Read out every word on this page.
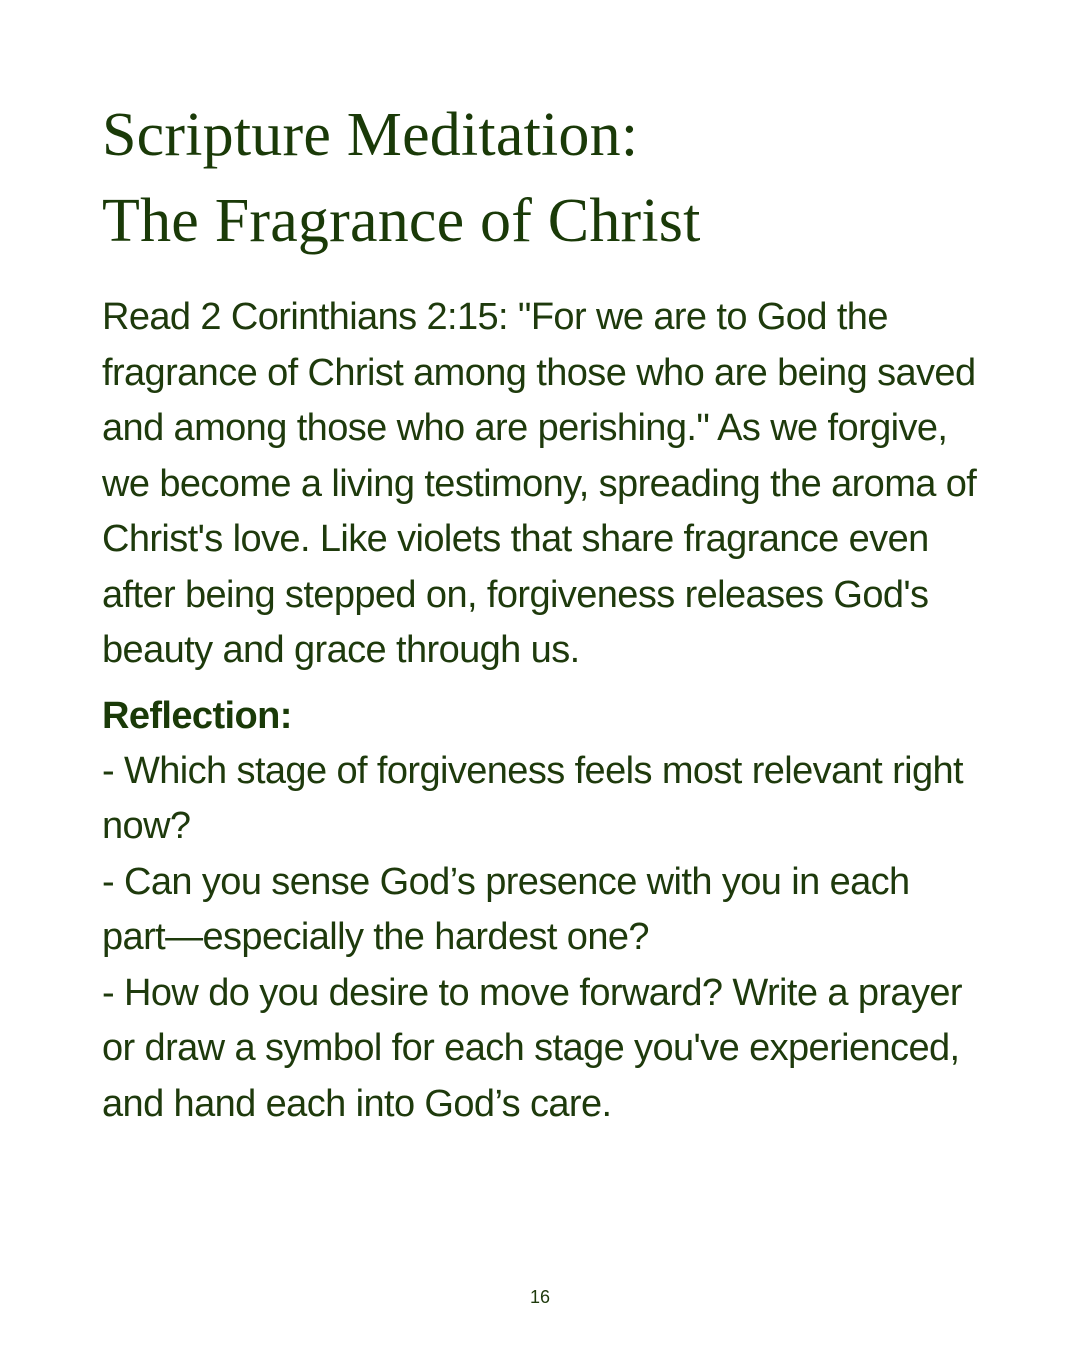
Scripture Meditation:
The Fragrance of Christ

Read 2 Corinthians 2:15: "For we are to God the fragrance of Christ among those who are being saved and among those who are perishing." As we forgive, we become a living testimony, spreading the aroma of Christ's love. Like violets that share fragrance even after being stepped on, forgiveness releases God's beauty and grace through us.

Reflection:
- Which stage of forgiveness feels most relevant right now?
- Can you sense God’s presence with you in each part—especially the hardest one?
- How do you desire to move forward? Write a prayer or draw a symbol for each stage you've experienced, and hand each into God’s care.
16
